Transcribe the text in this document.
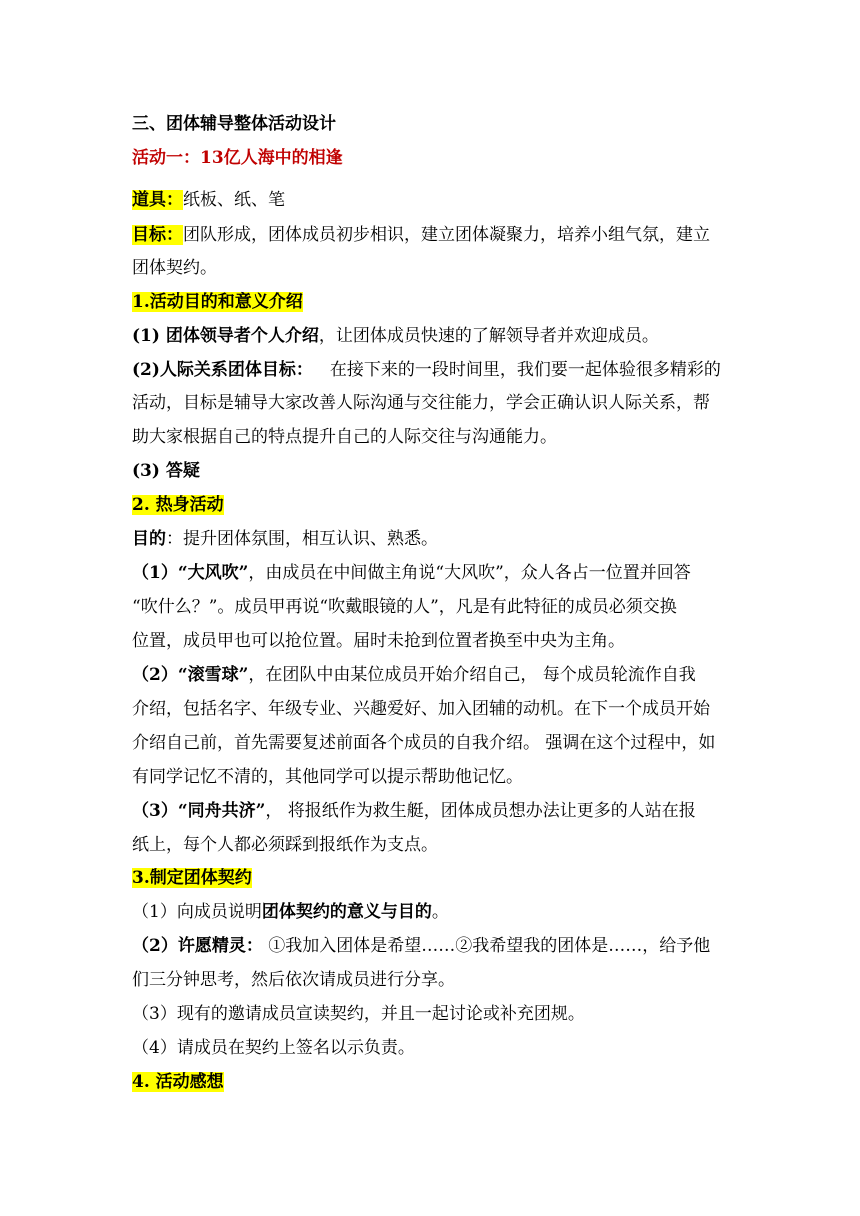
三、团体辅导整体活动设计
活动一：13亿人海中的相逢
道具：纸板、纸、笔
目标：团队形成，团体成员初步相识，建立团体凝聚力，培养小组气氛，建立
团体契约。
1.活动目的和意义介绍
(1) 团体领导者个人介绍，让团体成员快速的了解领导者并欢迎成员。
(2)人际关系团体目标： 在接下来的一段时间里，我们要一起体验很多精彩的
活动，目标是辅导大家改善人际沟通与交往能力，学会正确认识人际关系，帮
助大家根据自己的特点提升自己的人际交往与沟通能力。
(3) 答疑
2. 热身活动
目的：提升团体氛围，相互认识、熟悉。
（1）“大风吹”，由成员在中间做主角说“大风吹”，众人各占一位置并回答
“吹什么？”。成员甲再说“吹戴眼镜的人”，凡是有此特征的成员必须交换
位置，成员甲也可以抢位置。届时未抢到位置者换至中央为主角。
（2）“滚雪球”，在团队中由某位成员开始介绍自己， 每个成员轮流作自我
介绍，包括名字、年级专业、兴趣爱好、加入团辅的动机。在下一个成员开始
介绍自己前，首先需要复述前面各个成员的自我介绍。 强调在这个过程中，如
有同学记忆不清的，其他同学可以提示帮助他记忆。
（3）“同舟共济”， 将报纸作为救生艇，团体成员想办法让更多的人站在报
纸上，每个人都必须踩到报纸作为支点。
3.制定团体契约
（1）向成员说明团体契约的意义与目的。
（2）许愿精灵： ①我加入团体是希望……②我希望我的团体是……，给予他
们三分钟思考，然后依次请成员进行分享。
（3）现有的邀请成员宣读契约，并且一起讨论或补充团规。
（4）请成员在契约上签名以示负责。
4. 活动感想
